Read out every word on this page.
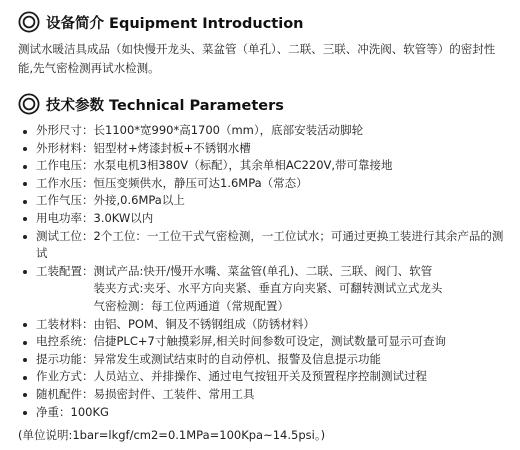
设备简介 Equipment Introduction

测试水暖洁具成品（如快慢开龙头、菜盆管（单孔）、二联、三联、冲洗阀、软管等）的密封性能,先气密检测再试水检测。

技术参数 Technical Parameters
外形尺寸：长1100*宽990*高1700（mm），底部安装活动脚轮
外形材料：铝型材+烤漆封板+不锈钢水槽
工作电压：水泵电机3相380V（标配），其余单相AC220V,带可靠接地
工作水压：恒压变频供水，静压可达1.6MPa（常态）
工作气压：外接,0.6MPa以上
用电功率：3.0KW以内
测试工位：2个工位：一工位干式气密检测，一工位试水；可通过更换工装进行其余产品的测试
工装配置： 测试产品:快开/慢开水嘴、菜盆管(单孔)、二联、三联、阀门、软管
装夹方式:夹牙、水平方向夹紧、垂直方向夹紧、可翻转测试立式龙头
气密检测：每工位两通道（常规配置）
工装材料：由铝、POM、铜及不锈钢组成（防锈材料）
电控系统：信捷PLC+7寸触摸彩屏,相关时间参数可设定，测试数量可显示可查询
提示功能：异常发生或测试结束时的自动停机、报警及信息提示功能
作业方式：人员站立、并排操作、通过电气按钮开关及预置程序控制测试过程
随机配件：易损密封件、工装件、常用工具
净重：100KG
(单位说明:1bar=lkgf/cm2=0.1MPa=100Kpa~14.5psi。)
